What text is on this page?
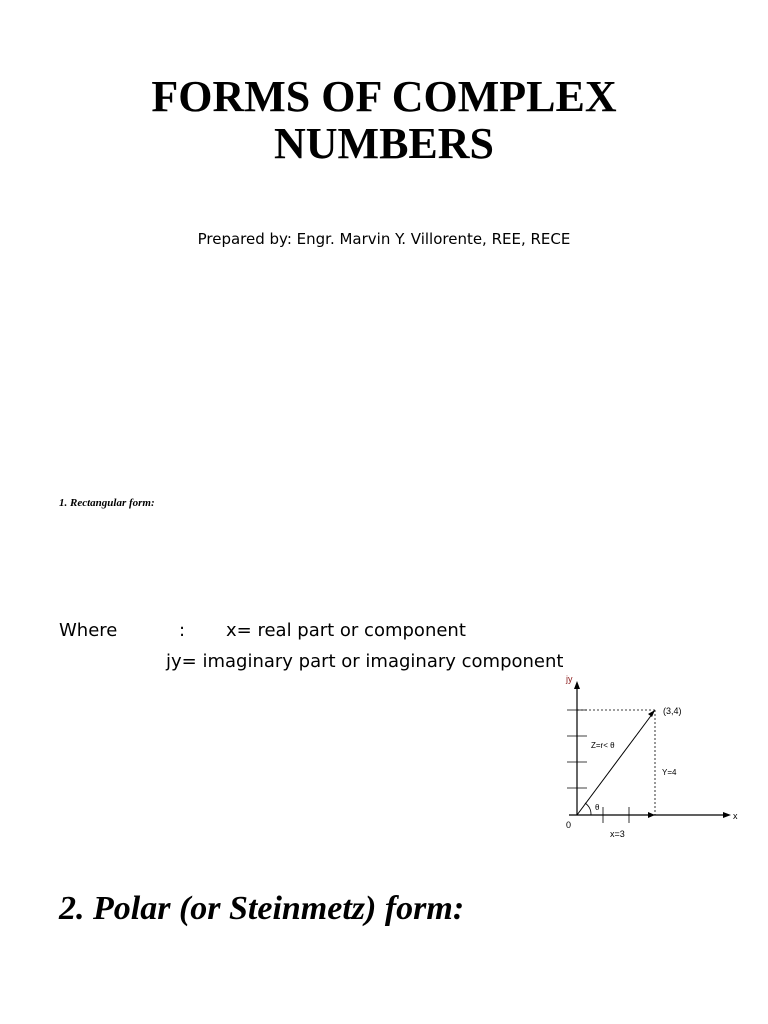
FORMS OF COMPLEX
NUMBERS
Prepared by: Engr. Marvin Y. Villorente, REE, RECE
1. Rectangular form:
Where	: x= real part or component
jy= imaginary part or imaginary component
jy
(3,4)
Z=r< θ
Y=4
θ
0
x
x=3
2. Polar (or Steinmetz) form:
